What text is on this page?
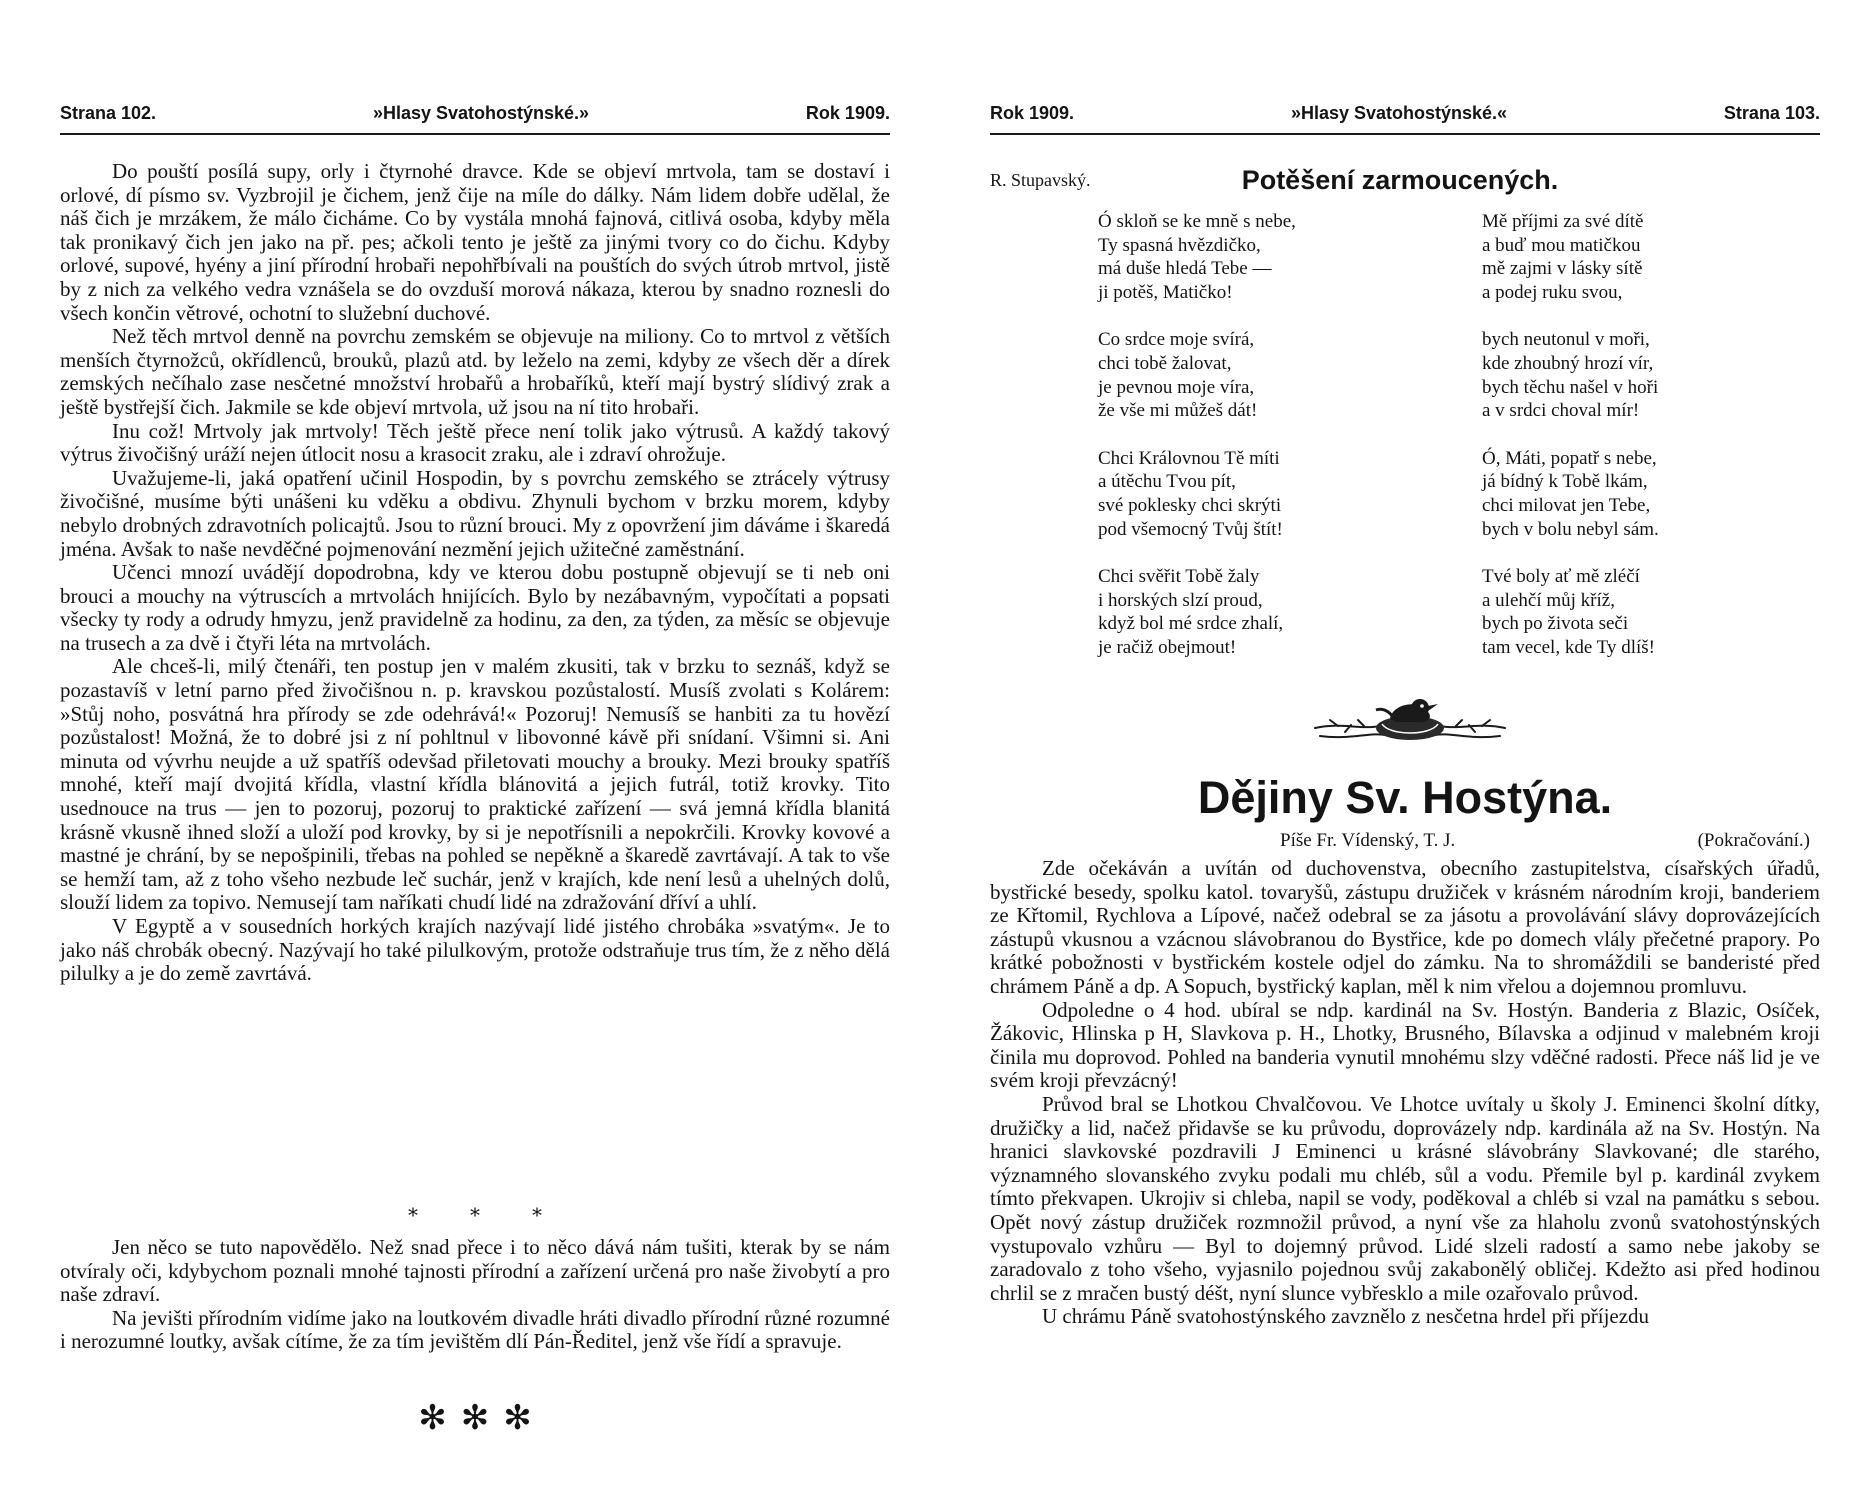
Strana 102.	»Hlasy Svatohostýnské.»	Rok 1909.

Do pouští posílá supy, orly i čtyrnohé dravce. Kde se objeví mrtvola, tam se dostaví i orlové, dí písmo sv. Vyzbrojil je čichem, jenž čije na míle do dálky. Nám lidem dobře udělal, že náš čich je mrzákem, že málo čicháme. Co by vystála mnohá fajnová, citlivá osoba, kdyby měla tak pronikavý čich jen jako na př. pes; ačkoli tento je ještě za jinými tvory co do čichu. Kdyby orlové, supové, hyény a jiní přírodní hrobaři nepohřbívali na pouštích do svých útrob mrtvol, jistě by z nich za velkého vedra vznášela se do ovzduší morová nákaza, kterou by snadno roznesli do všech končin větrové, ochotní to služební duchové.

Než těch mrtvol denně na povrchu zemském se objevuje na miliony. Co to mrtvol z větších menších čtyrnožců, okřídlenců, brouků, plazů atd. by leželo na zemi, kdyby ze všech děr a dírek zemských nečíhalo zase nesčetné množství hrobařů a hrobaříků, kteří mají bystrý slídivý zrak a ještě bystřejší čich. Jakmile se kde objeví mrtvola, už jsou na ní tito hrobaři.

Inu což! Mrtvoly jak mrtvoly! Těch ještě přece není tolik jako výtrusů. A každý takový výtrus živočišný uráží nejen útlocit nosu a krasocit zraku, ale i zdraví ohrožuje.

Uvažujeme-li, jaká opatření učinil Hospodin, by s povrchu zemského se ztrácely výtrusy živočišné, musíme býti unášeni ku vděku a obdivu. Zhynuli bychom v brzku morem, kdyby nebylo drobných zdravotních policajtů. Jsou to různí brouci. My z opovržení jim dáváme i škaredá jména. Avšak to naše nevděčné pojmenování nezmění jejich užitečné zaměstnání.

Učenci mnozí uvádějí dopodrobna, kdy ve kterou dobu postupně objevují se ti neb oni brouci a mouchy na výtruscích a mrtvolách hnijících. Bylo by nezábavným, vypočítati a popsati všecky ty rody a odrudy hmyzu, jenž pravidelně za hodinu, za den, za týden, za měsíc se objevuje na trusech a za dvě i čtyři léta na mrtvolách.

Ale chceš-li, milý čtenáři, ten postup jen v malém zkusiti, tak v brzku to seznáš, když se pozastavíš v letní parno před živočišnou n. p. kravskou pozůstalostí. Musíš zvolati s Kolárem: »Stůj noho, posvátná hra přírody se zde odehrává!« Pozoruj! Nemusíš se hanbiti za tu hovězí pozůstalost! Možná, že to dobré jsi z ní pohltnul v libovonné kávě při snídaní. Všimni si. Ani minuta od vývrhu neujde a už spatříš odevšad přiletovati mouchy a brouky. Mezi brouky spatříš mnohé, kteří mají dvojitá křídla, vlastní křídla blánovitá a jejich futrál, totiž krovky. Tito usednouce na trus — jen to pozoruj, pozoruj to praktické zařízení — svá jemná křídla blanitá krásně vkusně ihned složí a uloží pod krovky, by si je nepotřísnili a nepokrčili. Krovky kovové a mastné je chrání, by se nepošpinili, třebas na pohled se nepěkně a škaredě zavrtávají. A tak to vše se hemží tam, až z toho všeho nezbude leč suchár, jenž v krajích, kde není lesů a uhelných dolů, slouží lidem za topivo. Nemusejí tam naříkati chudí lidé na zdražování dříví a uhlí.

V Egyptě a v sousedních horkých krajích nazývají lidé jistého chrobáka »svatým«. Je to jako náš chrobák obecný. Nazývají ho také pilulkovým, protože odstraňuje trus tím, že z něho dělá pilulky a je do země zavrtává.

*	*	*

Jen něco se tuto napovědělo. Než snad přece i to něco dává nám tušiti, kterak by se nám otvíraly oči, kdybychom poznali mnohé tajnosti přírodní a zařízení určená pro naše živobytí a pro naše zdraví.

Na jevišti přírodním vidíme jako na loutkovém divadle hráti divadlo přírodní různé rozumné i nerozumné loutky, avšak cítíme, že za tím jevištěm dlí Pán-Ředitel, jenž vše řídí a spravuje.

✻ ✻ ✻
Rok 1909.	»Hlasy Svatohostýnské.«	Strana 103.
R. Stupavský.	Potěšení zarmoucených.
Ó skloň se ke mně s nebe,
Ty spasná hvězdičko,
má duše hledá Tebe —
ji potěš, Matičko!
Co srdce moje svírá,
chci tobě žalovat,
je pevnou moje víra,
že vše mi můžeš dát!
Chci Královnou Tě míti
a útěchu Tvou pít,
své poklesky chci skrýti
pod všemocný Tvůj štít!
Chci svěřit Tobě žaly
i horských slzí proud,
když bol mé srdce zhalí,
je račiž obejmout!
Mě příjmi za své dítě
a buď mou matičkou
mě zajmi v lásky sítě
a podej ruku svou,
bych neutonul v moři,
kde zhoubný hrozí vír,
bych těchu našel v hoři
a v srdci choval mír!
Ó, Máti, popatř s nebe,
já bídný k Tobě lkám,
chci milovat jen Tebe,
bych v bolu nebyl sám.
Tvé boly ať mě zléčí
a ulehčí můj kříž,
bych po života seči
tam veсel, kde Ty dlíš!
Dějiny Sv. Hostýna.
Píše Fr. Vídenský, T. J.	(Pokračování.)

Zde očekáván a uvítán od duchovenstva, obecního zastupitelstva, císařských úřadů, bystřické besedy, spolku katol. tovaryšů, zástupu družiček v krásném národním kroji, banderiem ze Křtomil, Rychlova a Lípové, načež odebral se za jásotu a provolávání slávy doprovázejících zástupů vkusnou a vzácnou slávobranou do Bystřice, kde po domech vlály přečetné prapory. Po krátké pobožnosti v bystřickém kostele odjel do zámku. Na to shromáždili se banderisté před chrámem Páně a dp. A Sopuch, bystřický kaplan, měl k nim vřelou a dojemnou promluvu.

Odpoledne o 4 hod. ubíral se ndp. kardinál na Sv. Hostýn. Banderia z Blazic, Osíček, Žákovic, Hlinska p H, Slavkova p. H., Lhotky, Brusného, Bílavska a odjinud v malebném kroji činila mu doprovod. Pohled na banderia vynutil mnohému slzy vděčné radosti. Přece náš lid je ve svém kroji převzácný!

Průvod bral se Lhotkou Chvalčovou. Ve Lhotce uvítaly u školy J. Eminenci školní dítky, družičky a lid, načež přidavše se ku průvodu, doprovázely ndp. kardinála až na Sv. Hostýn. Na hranici slavkovské pozdravili J Eminenci u krásné slávobrány Slavkované; dle starého, významného slovanského zvyku podali mu chléb, sůl a vodu. Přemile byl p. kardinál zvykem tímto překvapen. Ukrojiv si chleba, napil se vody, poděkoval a chléb si vzal na památku s sebou. Opět nový zástup družiček rozmnožil průvod, a nyní vše za hlaholu zvonů svatohostýnských vystupovalo vzhůru — Byl to dojemný průvod. Lidé slzeli radostí a samo nebe jakoby se zaradovalo z toho všeho, vyjasnilo pojednou svůj zakabonělý obličej. Kdežto asi před hodinou chrlil se z mračen bustý déšt, nyní slunce vybřesklo a mile ozařovalo průvod.

U chrámu Páně svatohostýnského zavznělo z nesčetna hrdel při příjezdu
